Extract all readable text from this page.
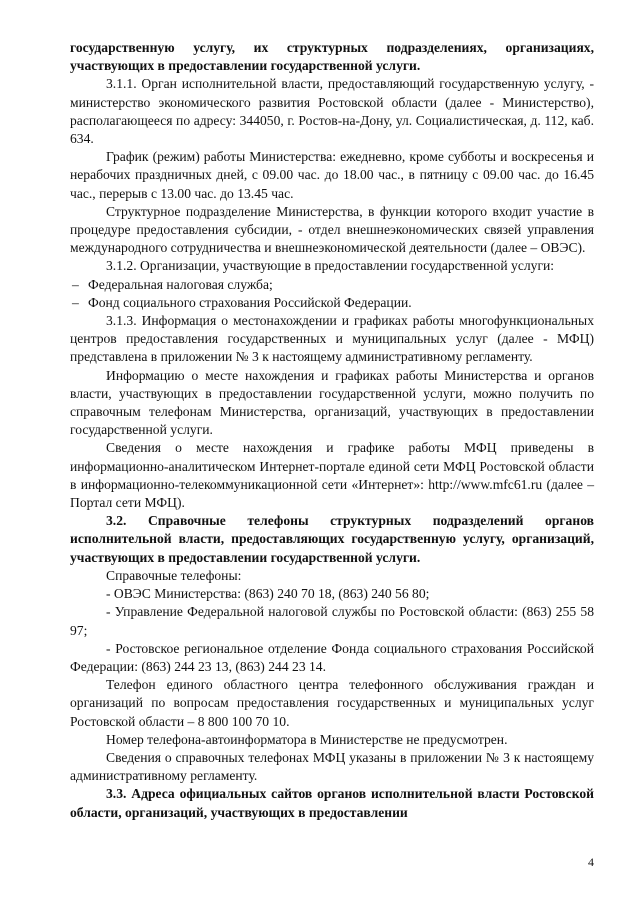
государственную услугу, их структурных подразделениях, организациях, участвующих в предоставлении государственной услуги.

3.1.1. Орган исполнительной власти, предоставляющий государственную услугу, - министерство экономического развития Ростовской области (далее - Министерство), располагающееся по адресу: 344050, г. Ростов-на-Дону, ул. Социалистическая, д. 112, каб. 634.

График (режим) работы Министерства: ежедневно, кроме субботы и воскресенья и нерабочих праздничных дней, с 09.00 час. до 18.00 час., в пятницу с 09.00 час. до 16.45 час., перерыв с 13.00 час. до 13.45 час.

Структурное подразделение Министерства, в функции которого входит участие в процедуре предоставления субсидии, - отдел внешнеэкономических связей управления международного сотрудничества и внешнеэкономической деятельности (далее – ОВЭС).

3.1.2. Организации, участвующие в предоставлении государственной услуги:

– Федеральная налоговая служба;

– Фонд социального страхования Российской Федерации.

3.1.3. Информация о местонахождении и графиках работы многофункциональных центров предоставления государственных и муниципальных услуг (далее - МФЦ) представлена в приложении № 3 к настоящему административному регламенту.

Информацию о месте нахождения и графиках работы Министерства и органов власти, участвующих в предоставлении государственной услуги, можно получить по справочным телефонам Министерства, организаций, участвующих в предоставлении государственной услуги.

Сведения о месте нахождения и графике работы МФЦ приведены в информационно-аналитическом Интернет-портале единой сети МФЦ Ростовской области в информационно-телекоммуникационной сети «Интернет»: http://www.mfc61.ru (далее – Портал сети МФЦ).

3.2. Справочные телефоны структурных подразделений органов исполнительной власти, предоставляющих государственную услугу, организаций, участвующих в предоставлении государственной услуги.

Справочные телефоны:

- ОВЭС Министерства: (863) 240 70 18, (863) 240 56 80;

- Управление Федеральной налоговой службы по Ростовской области: (863) 255 58 97;

- Ростовское региональное отделение Фонда социального страхования Российской Федерации: (863) 244 23 13, (863) 244 23 14.

Телефон единого областного центра телефонного обслуживания граждан и организаций по вопросам предоставления государственных и муниципальных услуг Ростовской области – 8 800 100 70 10.

Номер телефона-автоинформатора в Министерстве не предусмотрен.

Сведения о справочных телефонах МФЦ указаны в приложении № 3 к настоящему административному регламенту.

3.3. Адреса официальных сайтов органов исполнительной власти Ростовской области, организаций, участвующих в предоставлении

4
